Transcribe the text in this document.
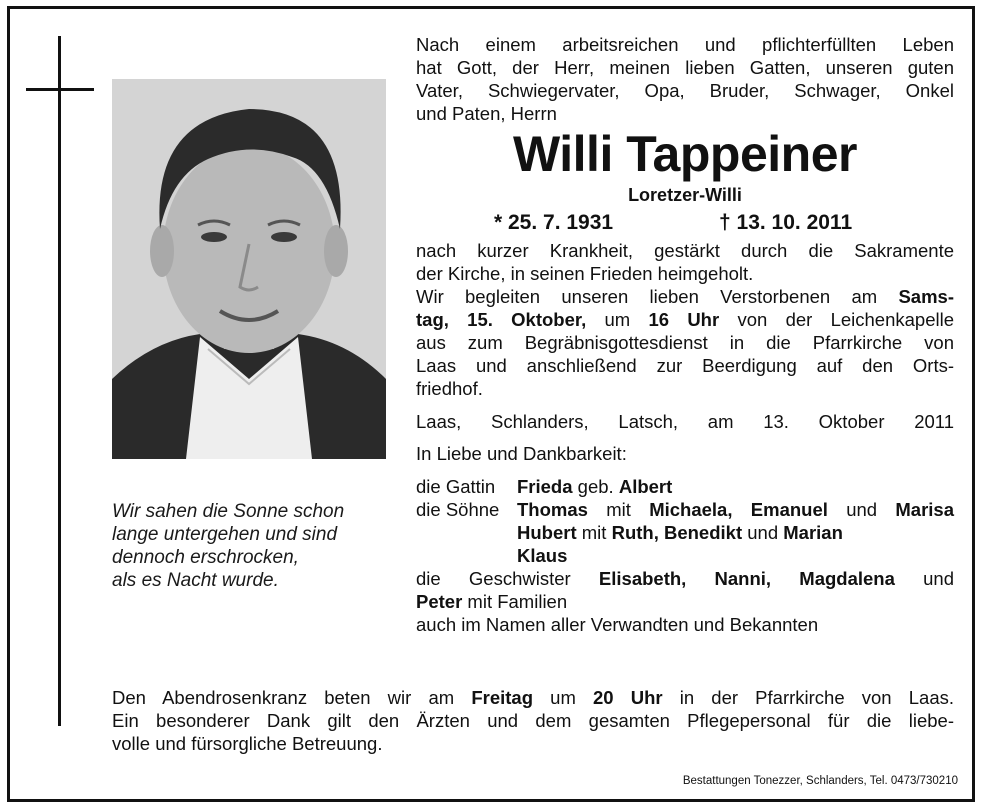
Wir sahen die Sonne schon
lange untergehen und sind
dennoch erschrocken,
als es Nacht wurde.
Nach einem arbeitsreichen und pflichterfüllten Leben
hat Gott, der Herr, meinen lieben Gatten, unseren guten
Vater, Schwiegervater, Opa, Bruder, Schwager, Onkel
und Paten, Herrn
Willi Tappeiner
Loretzer-Willi
* 25. 7. 1931	† 13. 10. 2011
nach kurzer Krankheit, gestärkt durch die Sakramente
der Kirche, in seinen Frieden heimgeholt.
Wir begleiten unseren lieben Verstorbenen am Sams-
tag, 15. Oktober, um 16 Uhr von der Leichenkapelle
aus zum Begräbnisgottesdienst in die Pfarrkirche von
Laas und anschließend zur Beerdigung auf den Orts-
friedhof.
Laas, Schlanders, Latsch, am 13. Oktober 2011
In Liebe und Dankbarkeit:
die Gattin Frieda geb. Albert
die Söhne Thomas mit Michaela, Emanuel und Marisa
Hubert mit Ruth, Benedikt und Marian
Klaus
die Geschwister Elisabeth, Nanni, Magdalena und
Peter mit Familien
auch im Namen aller Verwandten und Bekannten
Den Abendrosenkranz beten wir am Freitag um 20 Uhr in der Pfarrkirche von Laas.
Ein besonderer Dank gilt den Ärzten und dem gesamten Pflegepersonal für die liebe-
volle und fürsorgliche Betreuung.
Bestattungen Tonezzer, Schlanders, Tel. 0473/730210
